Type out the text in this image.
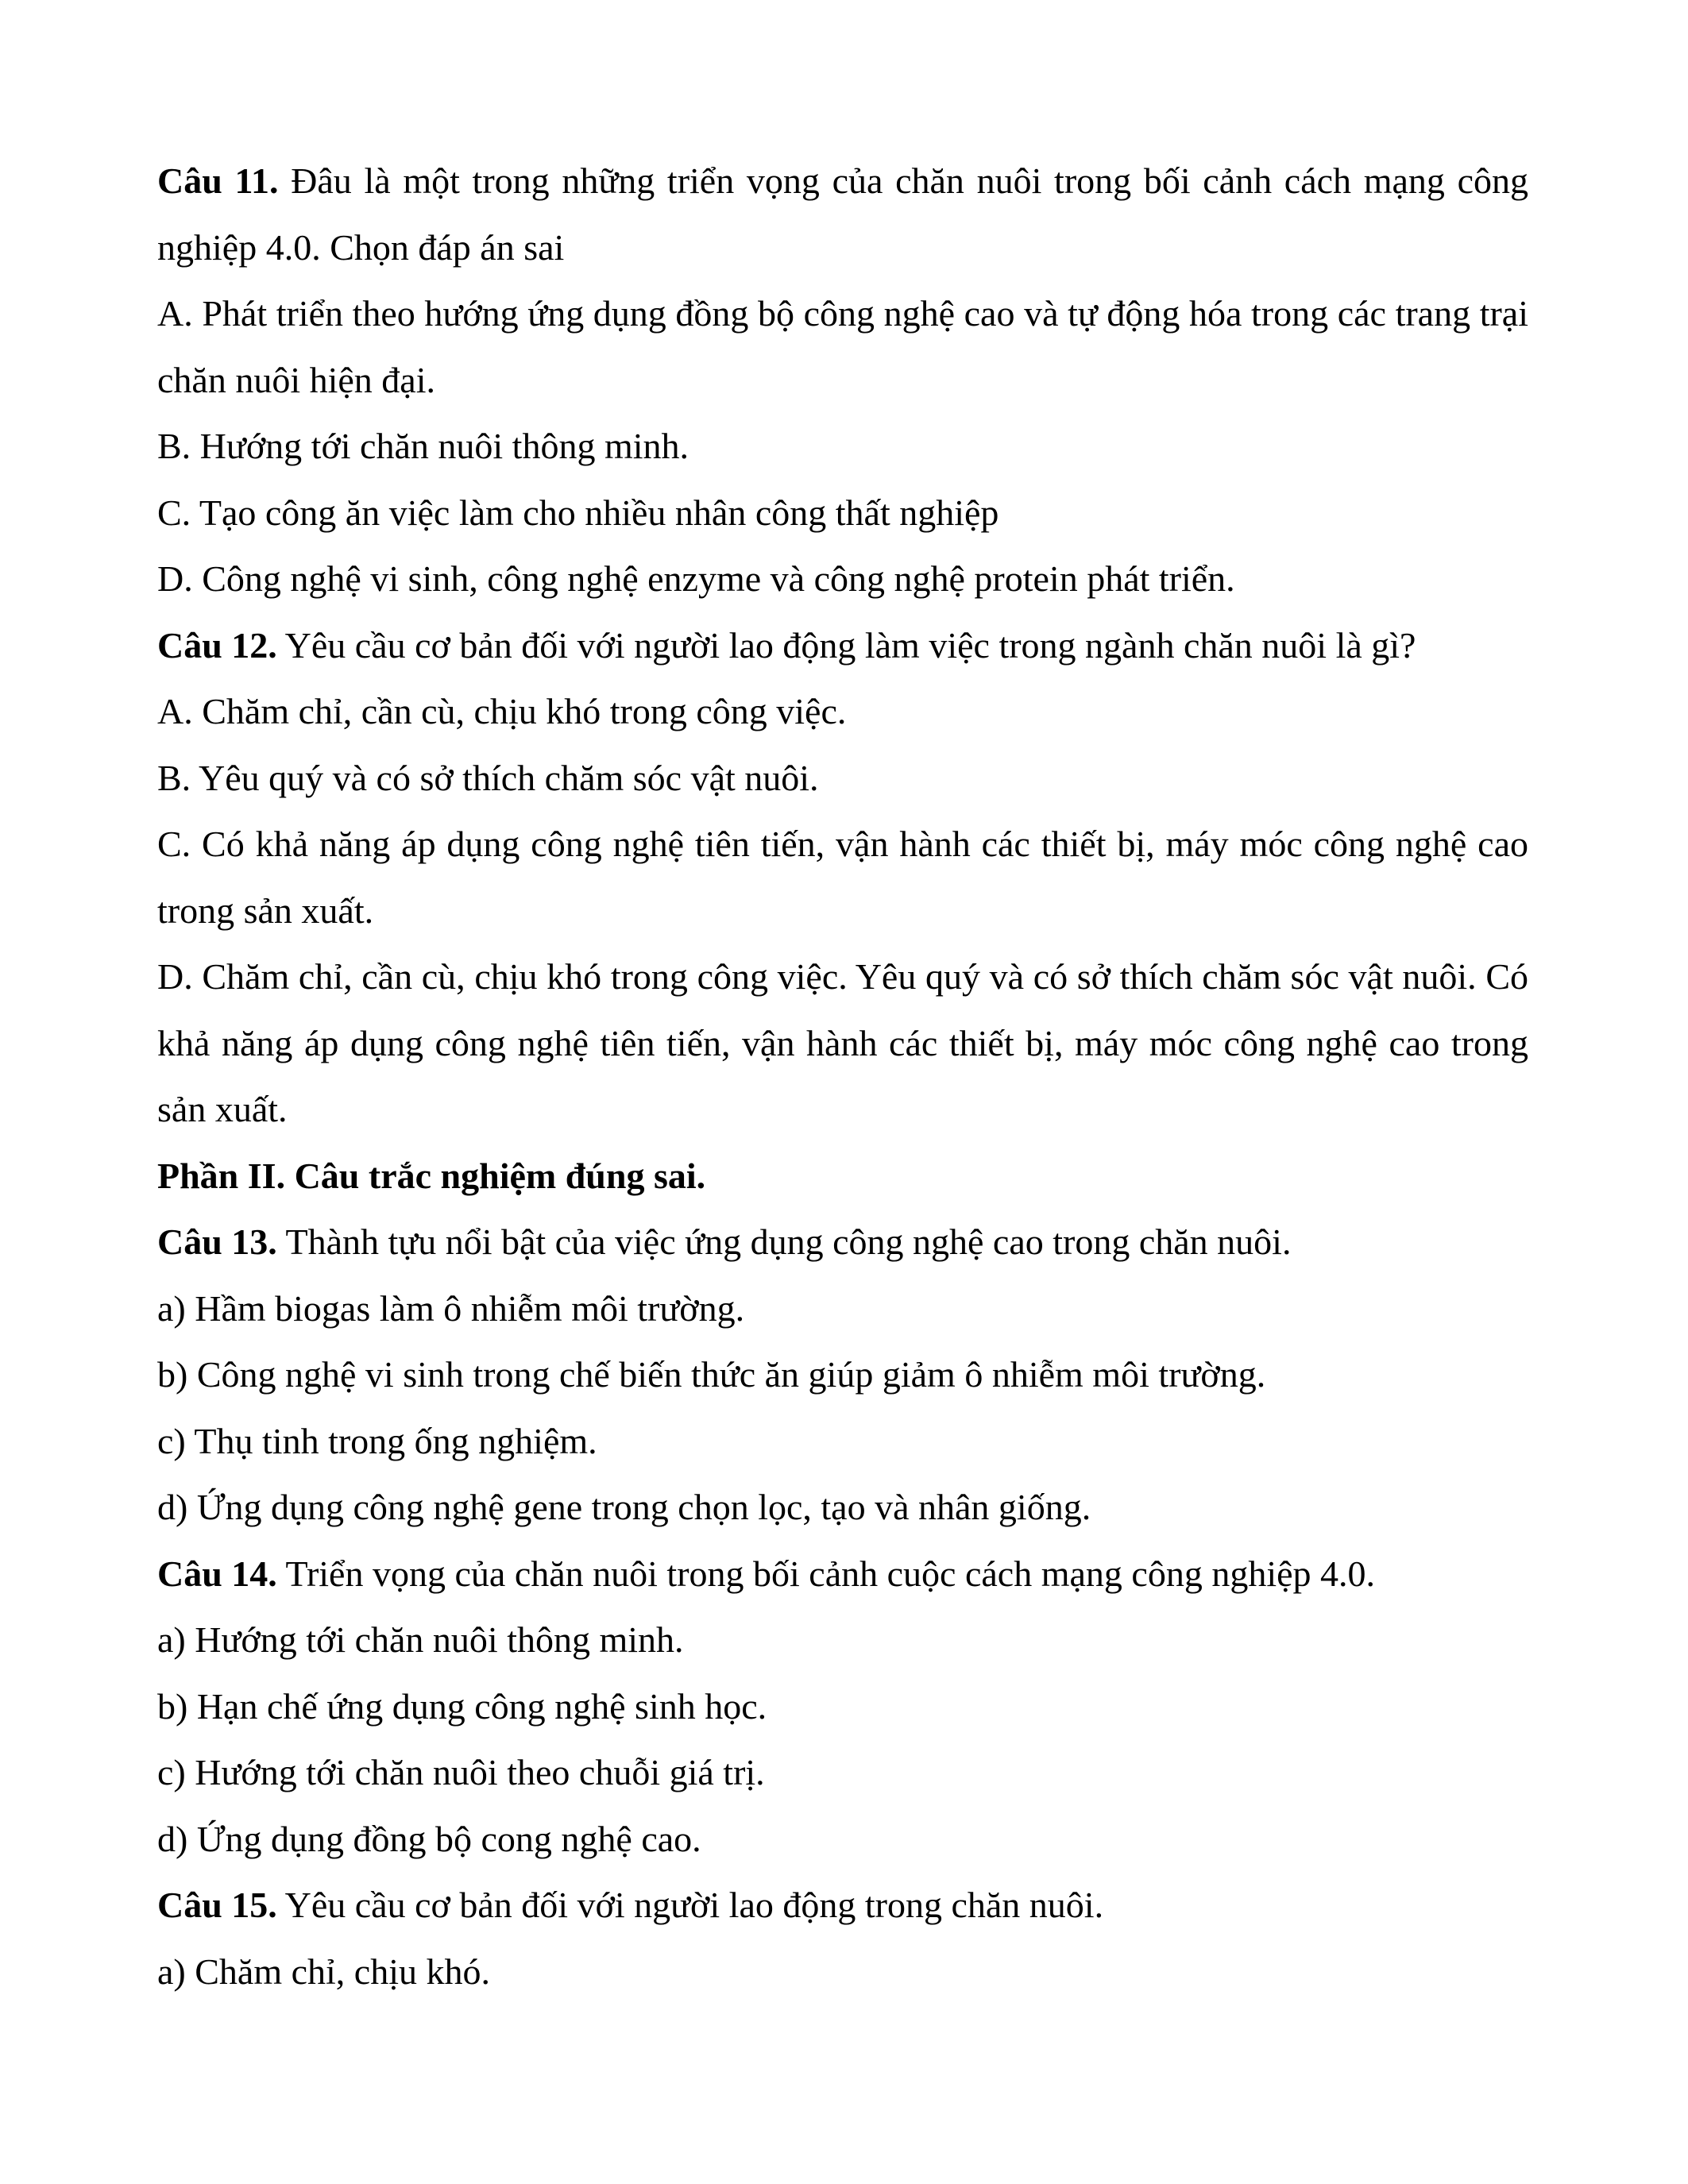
Câu 11. Đâu là một trong những triển vọng của chăn nuôi trong bối cảnh cách mạng công nghiệp 4.0. Chọn đáp án sai

A. Phát triển theo hướng ứng dụng đồng bộ công nghệ cao và tự động hóa trong các trang trại chăn nuôi hiện đại.

B. Hướng tới chăn nuôi thông minh.

C. Tạo công ăn việc làm cho nhiều nhân công thất nghiệp

D. Công nghệ vi sinh, công nghệ enzyme và công nghệ protein phát triển.

Câu 12. Yêu cầu cơ bản đối với người lao động làm việc trong ngành chăn nuôi là gì?

A. Chăm chỉ, cần cù, chịu khó trong công việc.

B. Yêu quý và có sở thích chăm sóc vật nuôi.

C. Có khả năng áp dụng công nghệ tiên tiến, vận hành các thiết bị, máy móc công nghệ cao trong sản xuất.

D. Chăm chỉ, cần cù, chịu khó trong công việc. Yêu quý và có sở thích chăm sóc vật nuôi. Có khả năng áp dụng công nghệ tiên tiến, vận hành các thiết bị, máy móc công nghệ cao trong sản xuất.

Phần II. Câu trắc nghiệm đúng sai.

Câu 13. Thành tựu nổi bật của việc ứng dụng công nghệ cao trong chăn nuôi.

a) Hầm biogas làm ô nhiễm môi trường.

b) Công nghệ vi sinh trong chế biến thức ăn giúp giảm ô nhiễm môi trường.

c) Thụ tinh trong ống nghiệm.

d) Ứng dụng công nghệ gene trong chọn lọc, tạo và nhân giống.

Câu 14. Triển vọng của chăn nuôi trong bối cảnh cuộc cách mạng công nghiệp 4.0.

a) Hướng tới chăn nuôi thông minh.

b) Hạn chế ứng dụng công nghệ sinh học.

c) Hướng tới chăn nuôi theo chuỗi giá trị.

d) Ứng dụng đồng bộ cong nghệ cao.

Câu 15. Yêu cầu cơ bản đối với người lao động trong chăn nuôi.

a) Chăm chỉ, chịu khó.
